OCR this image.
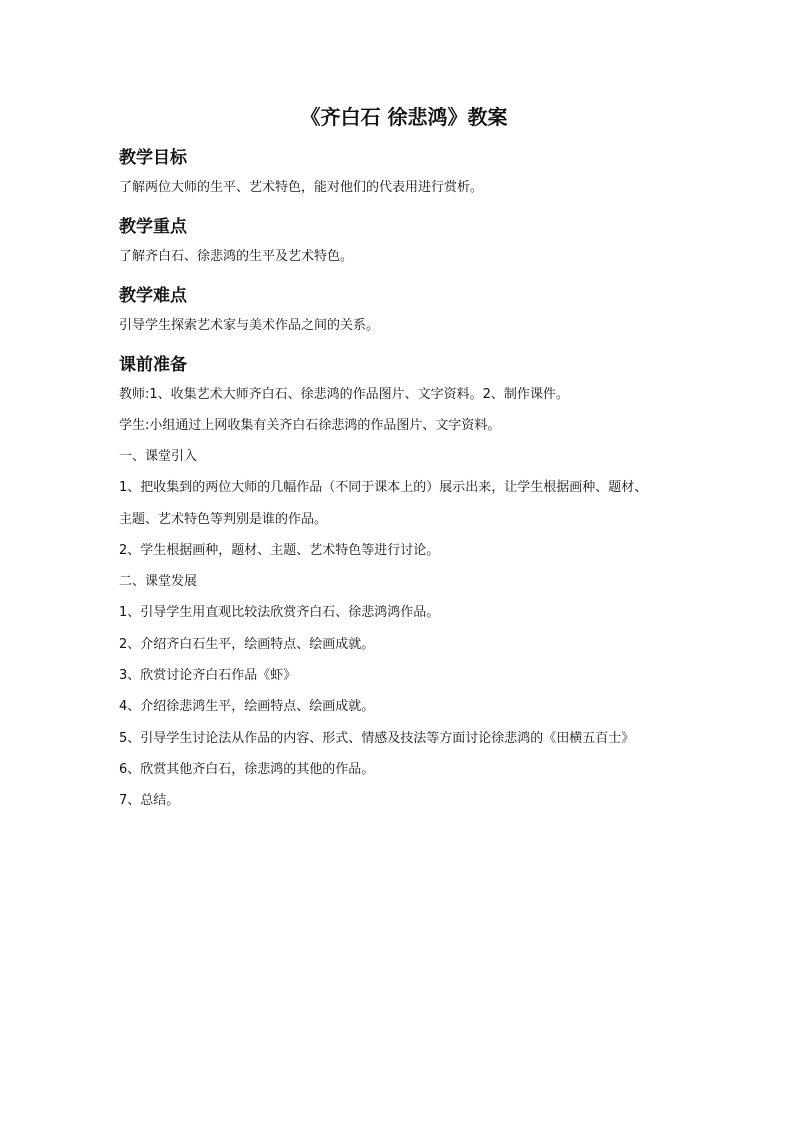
《齐白石 徐悲鸿》教案
教学目标

了解两位大师的生平、艺术特色，能对他们的代表用进行赏析。

教学重点

了解齐白石、徐悲鸿的生平及艺术特色。

教学难点

引导学生探索艺术家与美术作品之间的关系。

课前准备

教师:1、收集艺术大师齐白石、徐悲鸿的作品图片、文字资料。2、制作课件。

学生:小组通过上网收集有关齐白石徐悲鸿的作品图片、文字资料。

一、课堂引入

1、把收集到的两位大师的几幅作品（不同于课本上的）展示出来，让学生根据画种、题材、

主题、艺术特色等判别是谁的作品。

2、学生根据画种，题材、主题、艺术特色等进行讨论。

二、课堂发展

1、引导学生用直观比较法欣赏齐白石、徐悲鸿鸿作品。

2、介绍齐白石生平，绘画特点、绘画成就。

3、欣赏讨论齐白石作品《虾》

4、介绍徐悲鸿生平，绘画特点、绘画成就。

5、引导学生讨论法从作品的内容、形式、情感及技法等方面讨论徐悲鸿的《田横五百士》

6、欣赏其他齐白石，徐悲鸿的其他的作品。

7、总结。
